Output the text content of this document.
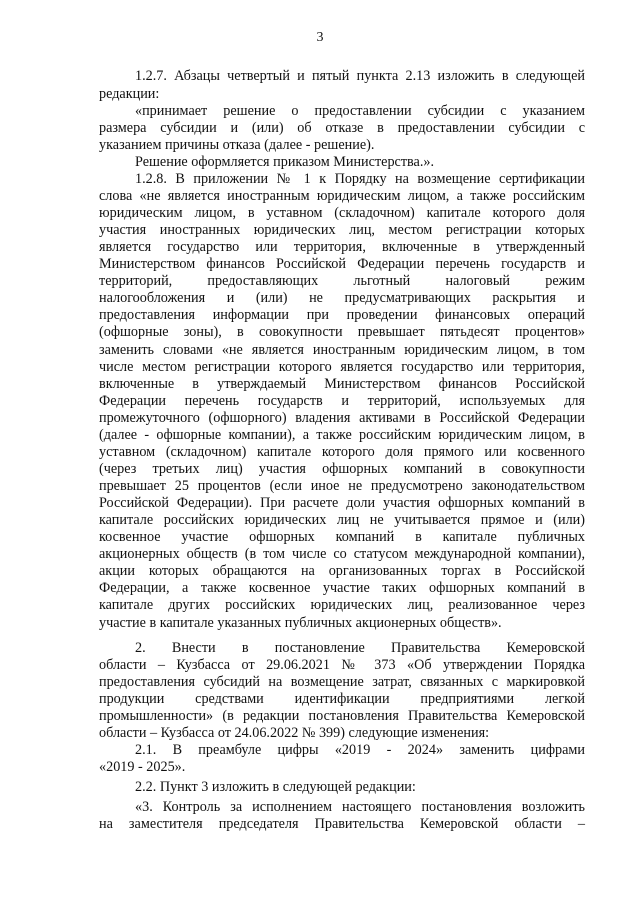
3
1.2.7. Абзацы четвертый и пятый пункта 2.13 изложить в следующей
редакции:
«принимает решение о предоставлении субсидии с указанием
размера субсидии и (или) об отказе в предоставлении субсидии с
указанием причины отказа (далее - решение).
Решение оформляется приказом Министерства.».
1.2.8. В приложении № 1 к Порядку на возмещение сертификации
слова «не является иностранным юридическим лицом, а также российским
юридическим лицом, в уставном (складочном) капитале которого доля
участия иностранных юридических лиц, местом регистрации которых
является государство или территория, включенные в утвержденный
Министерством финансов Российской Федерации перечень государств и
территорий, предоставляющих льготный налоговый режим
налогообложения и (или) не предусматривающих раскрытия и
предоставления информации при проведении финансовых операций
(офшорные зоны), в совокупности превышает пятьдесят процентов»
заменить словами «не является иностранным юридическим лицом, в том
числе местом регистрации которого является государство или территория,
включенные в утверждаемый Министерством финансов Российской
Федерации перечень государств и территорий, используемых для
промежуточного (офшорного) владения активами в Российской Федерации
(далее - офшорные компании), а также российским юридическим лицом, в
уставном (складочном) капитале которого доля прямого или косвенного
(через третьих лиц) участия офшорных компаний в совокупности
превышает 25 процентов (если иное не предусмотрено законодательством
Российской Федерации). При расчете доли участия офшорных компаний в
капитале российских юридических лиц не учитывается прямое и (или)
косвенное участие офшорных компаний в капитале публичных
акционерных обществ (в том числе со статусом международной компании),
акции которых обращаются на организованных торгах в Российской
Федерации, а также косвенное участие таких офшорных компаний в
капитале других российских юридических лиц, реализованное через
участие в капитале указанных публичных акционерных обществ».
2. Внести в постановление Правительства Кемеровской
области – Кузбасса от 29.06.2021 № 373 «Об утверждении Порядка
предоставления субсидий на возмещение затрат, связанных с маркировкой
продукции средствами идентификации предприятиями легкой
промышленности» (в редакции постановления Правительства Кемеровской
области – Кузбасса от 24.06.2022 № 399) следующие изменения:
2.1. В преамбуле цифры «2019 - 2024» заменить цифрами
«2019 - 2025».
2.2. Пункт 3 изложить в следующей редакции:
«3. Контроль за исполнением настоящего постановления возложить
на заместителя председателя Правительства Кемеровской области –
